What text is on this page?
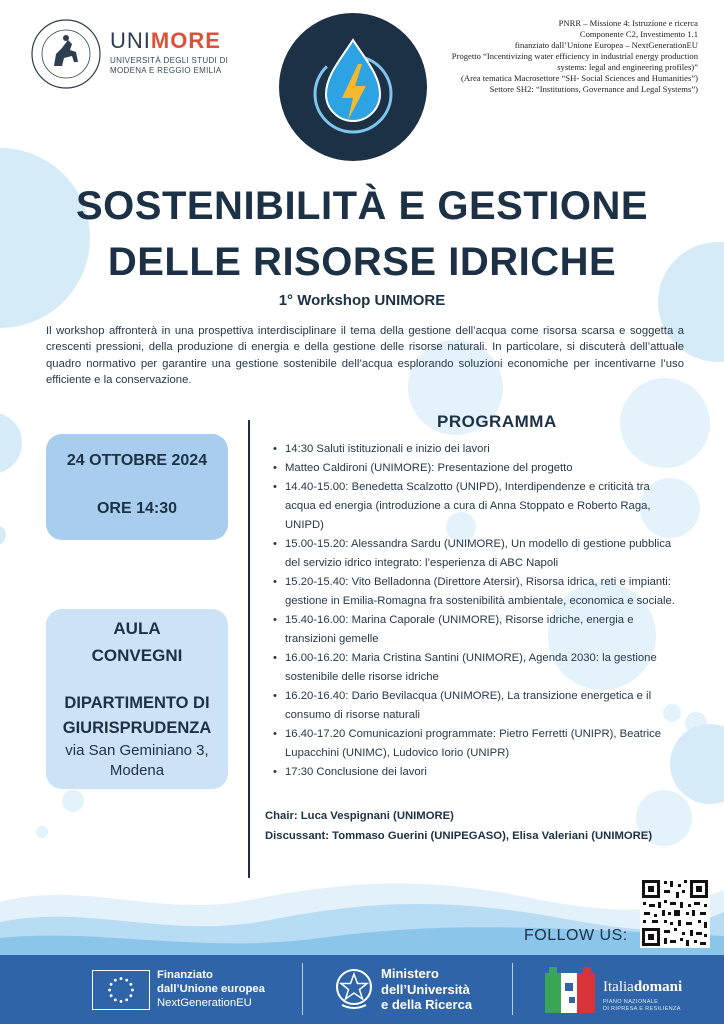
UNIMORE
UNIVERSITÀ DEGLI STUDI DI
MODENA E REGGIO EMILIA
PNRR – Missione 4: Istruzione e ricerca
Componente C2, Investimento 1.1
finanziato dall’Unione Europea – NextGenerationEU
Progetto “Incentivizing water efficiency in industrial energy production
systems: legal and engineering profiles)”
(Area tematica Macrosettore “SH- Social Sciences and Humanities”)
Settore SH2: “Institutions, Governance and Legal Systems”)
SOSTENIBILITÀ E GESTIONE
DELLE RISORSE IDRICHE
1° Workshop UNIMORE
Il workshop affronterà in una prospettiva interdisciplinare il tema della gestione dell’acqua come risorsa scarsa e soggetta a crescenti pressioni, della produzione di energia e della gestione delle risorse naturali. In particolare, si discuterà dell’attuale quadro normativo per garantire una gestione sostenibile dell’acqua esplorando soluzioni economiche per incentivarne l’uso efficiente e la conservazione.
24 OTTOBRE 2024
ORE 14:30
AULA
CONVEGNI
DIPARTIMENTO DI
GIURISPRUDENZA
via San Geminiano 3,
Modena
PROGRAMMA
• 14:30 Saluti istituzionali e inizio dei lavori
• Matteo Caldironi (UNIMORE): Presentazione del progetto
• 14.40-15.00: Benedetta Scalzotto (UNIPD), Interdipendenze e criticità tra acqua ed energia (introduzione a cura di Anna Stoppato e Roberto Raga, UNIPD)
• 15.00-15.20: Alessandra Sardu (UNIMORE), Un modello di gestione pubblica del servizio idrico integrato: l’esperienza di ABC Napoli
• 15.20-15.40: Vito Belladonna (Direttore Atersir), Risorsa idrica, reti e impianti: gestione in Emilia-Romagna fra sostenibilità ambientale, economica e sociale.
• 15.40-16.00: Marina Caporale (UNIMORE), Risorse idriche, energia e transizioni gemelle
• 16.00-16.20: Maria Cristina Santini (UNIMORE), Agenda 2030: la gestione sostenibile delle risorse idriche
• 16.20-16.40: Dario Bevilacqua (UNIMORE), La transizione energetica e il consumo di risorse naturali
• 16.40-17.20 Comunicazioni programmate: Pietro Ferretti (UNIPR), Beatrice Lupacchini (UNIMC), Ludovico Iorio (UNIPR)
• 17:30 Conclusione dei lavori
Chair: Luca Vespignani (UNIMORE)
Discussant: Tommaso Guerini (UNIPEGASO), Elisa Valeriani (UNIMORE)
FOLLOW US:
Finanziato
dall’Unione europea
NextGenerationEU
Ministero
dell’Università
e della Ricerca
Italiadomani
PIANO NAZIONALE
DI RIPRESA E RESILIENZA
